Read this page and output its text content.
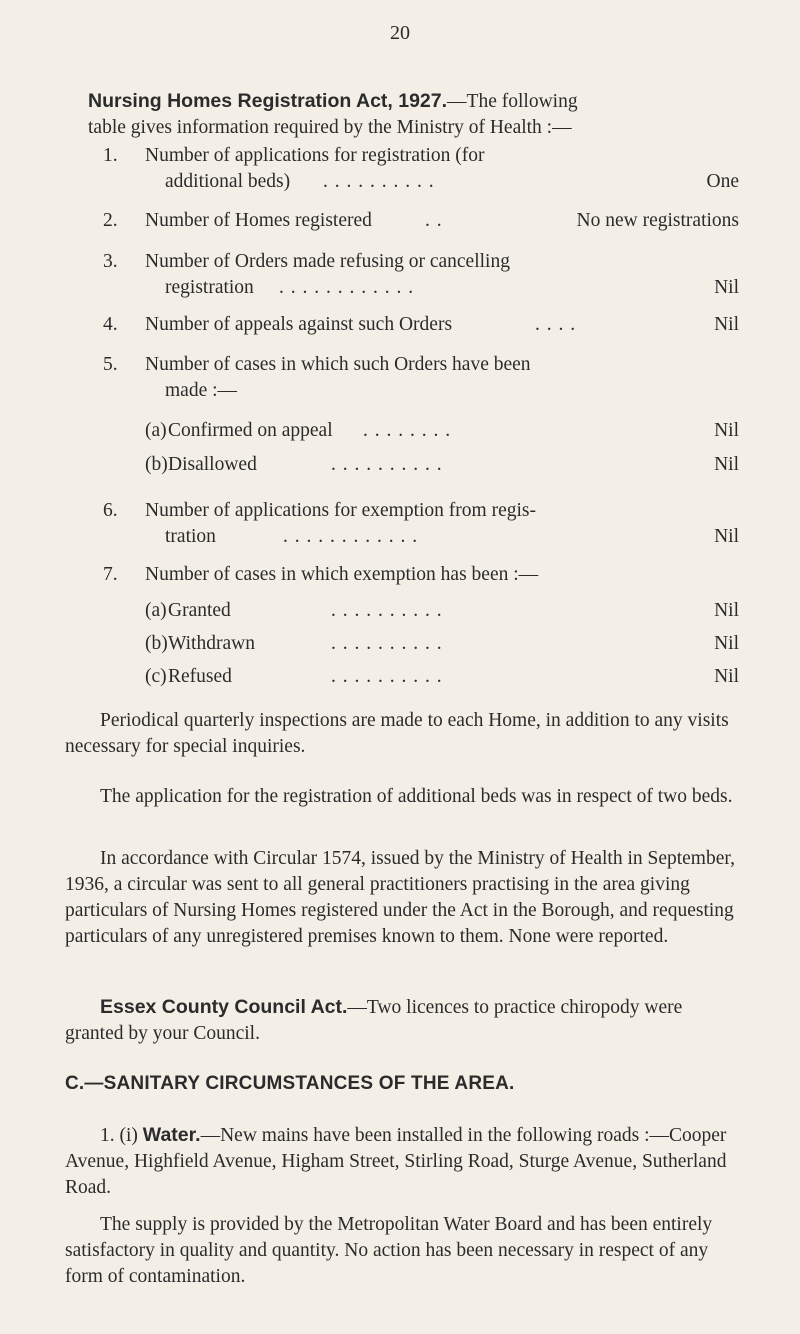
20

Nursing Homes Registration Act, 1927.—The following
table gives information required by the Ministry of Health :—

1. Number of applications for registration (for
additional beds) . . . . . . . . . .	One
2. Number of Homes registered	. .	No new registrations
3. Number of Orders made refusing or cancelling
registration . . . . . . . . . . . .	Nil
4. Number of appeals against such Orders	. . . .	Nil
5. Number of cases in which such Orders have been
made :—
(a) Confirmed on appeal . . . . . . . .	Nil
(b) Disallowed	. . . . . . . . . .	Nil
6. Number of applications for exemption from regis-
tration	. . . . . . . . . . . .	Nil
7. Number of cases in which exemption has been :—
(a) Granted	. . . . . . . . . .	Nil
(b) Withdrawn	. . . . . . . . . .	Nil
(c) Refused	. . . . . . . . . .	Nil

Periodical quarterly inspections are made to each Home, in addition to any visits necessary for special inquiries.

The application for the registration of additional beds was in respect of two beds.

In accordance with Circular 1574, issued by the Ministry of Health in September, 1936, a circular was sent to all general practitioners practising in the area giving particulars of Nursing Homes registered under the Act in the Borough, and requesting particulars of any unregistered premises known to them. None were reported.

Essex County Council Act.—Two licences to practice chiropody were granted by your Council.

C.—SANITARY CIRCUMSTANCES OF THE AREA.

1. (i) Water.—New mains have been installed in the following roads :—Cooper Avenue, Highfield Avenue, Higham Street, Stirling Road, Sturge Avenue, Sutherland Road.

The supply is provided by the Metropolitan Water Board and has been entirely satisfactory in quality and quantity. No action has been necessary in respect of any form of contamination.
